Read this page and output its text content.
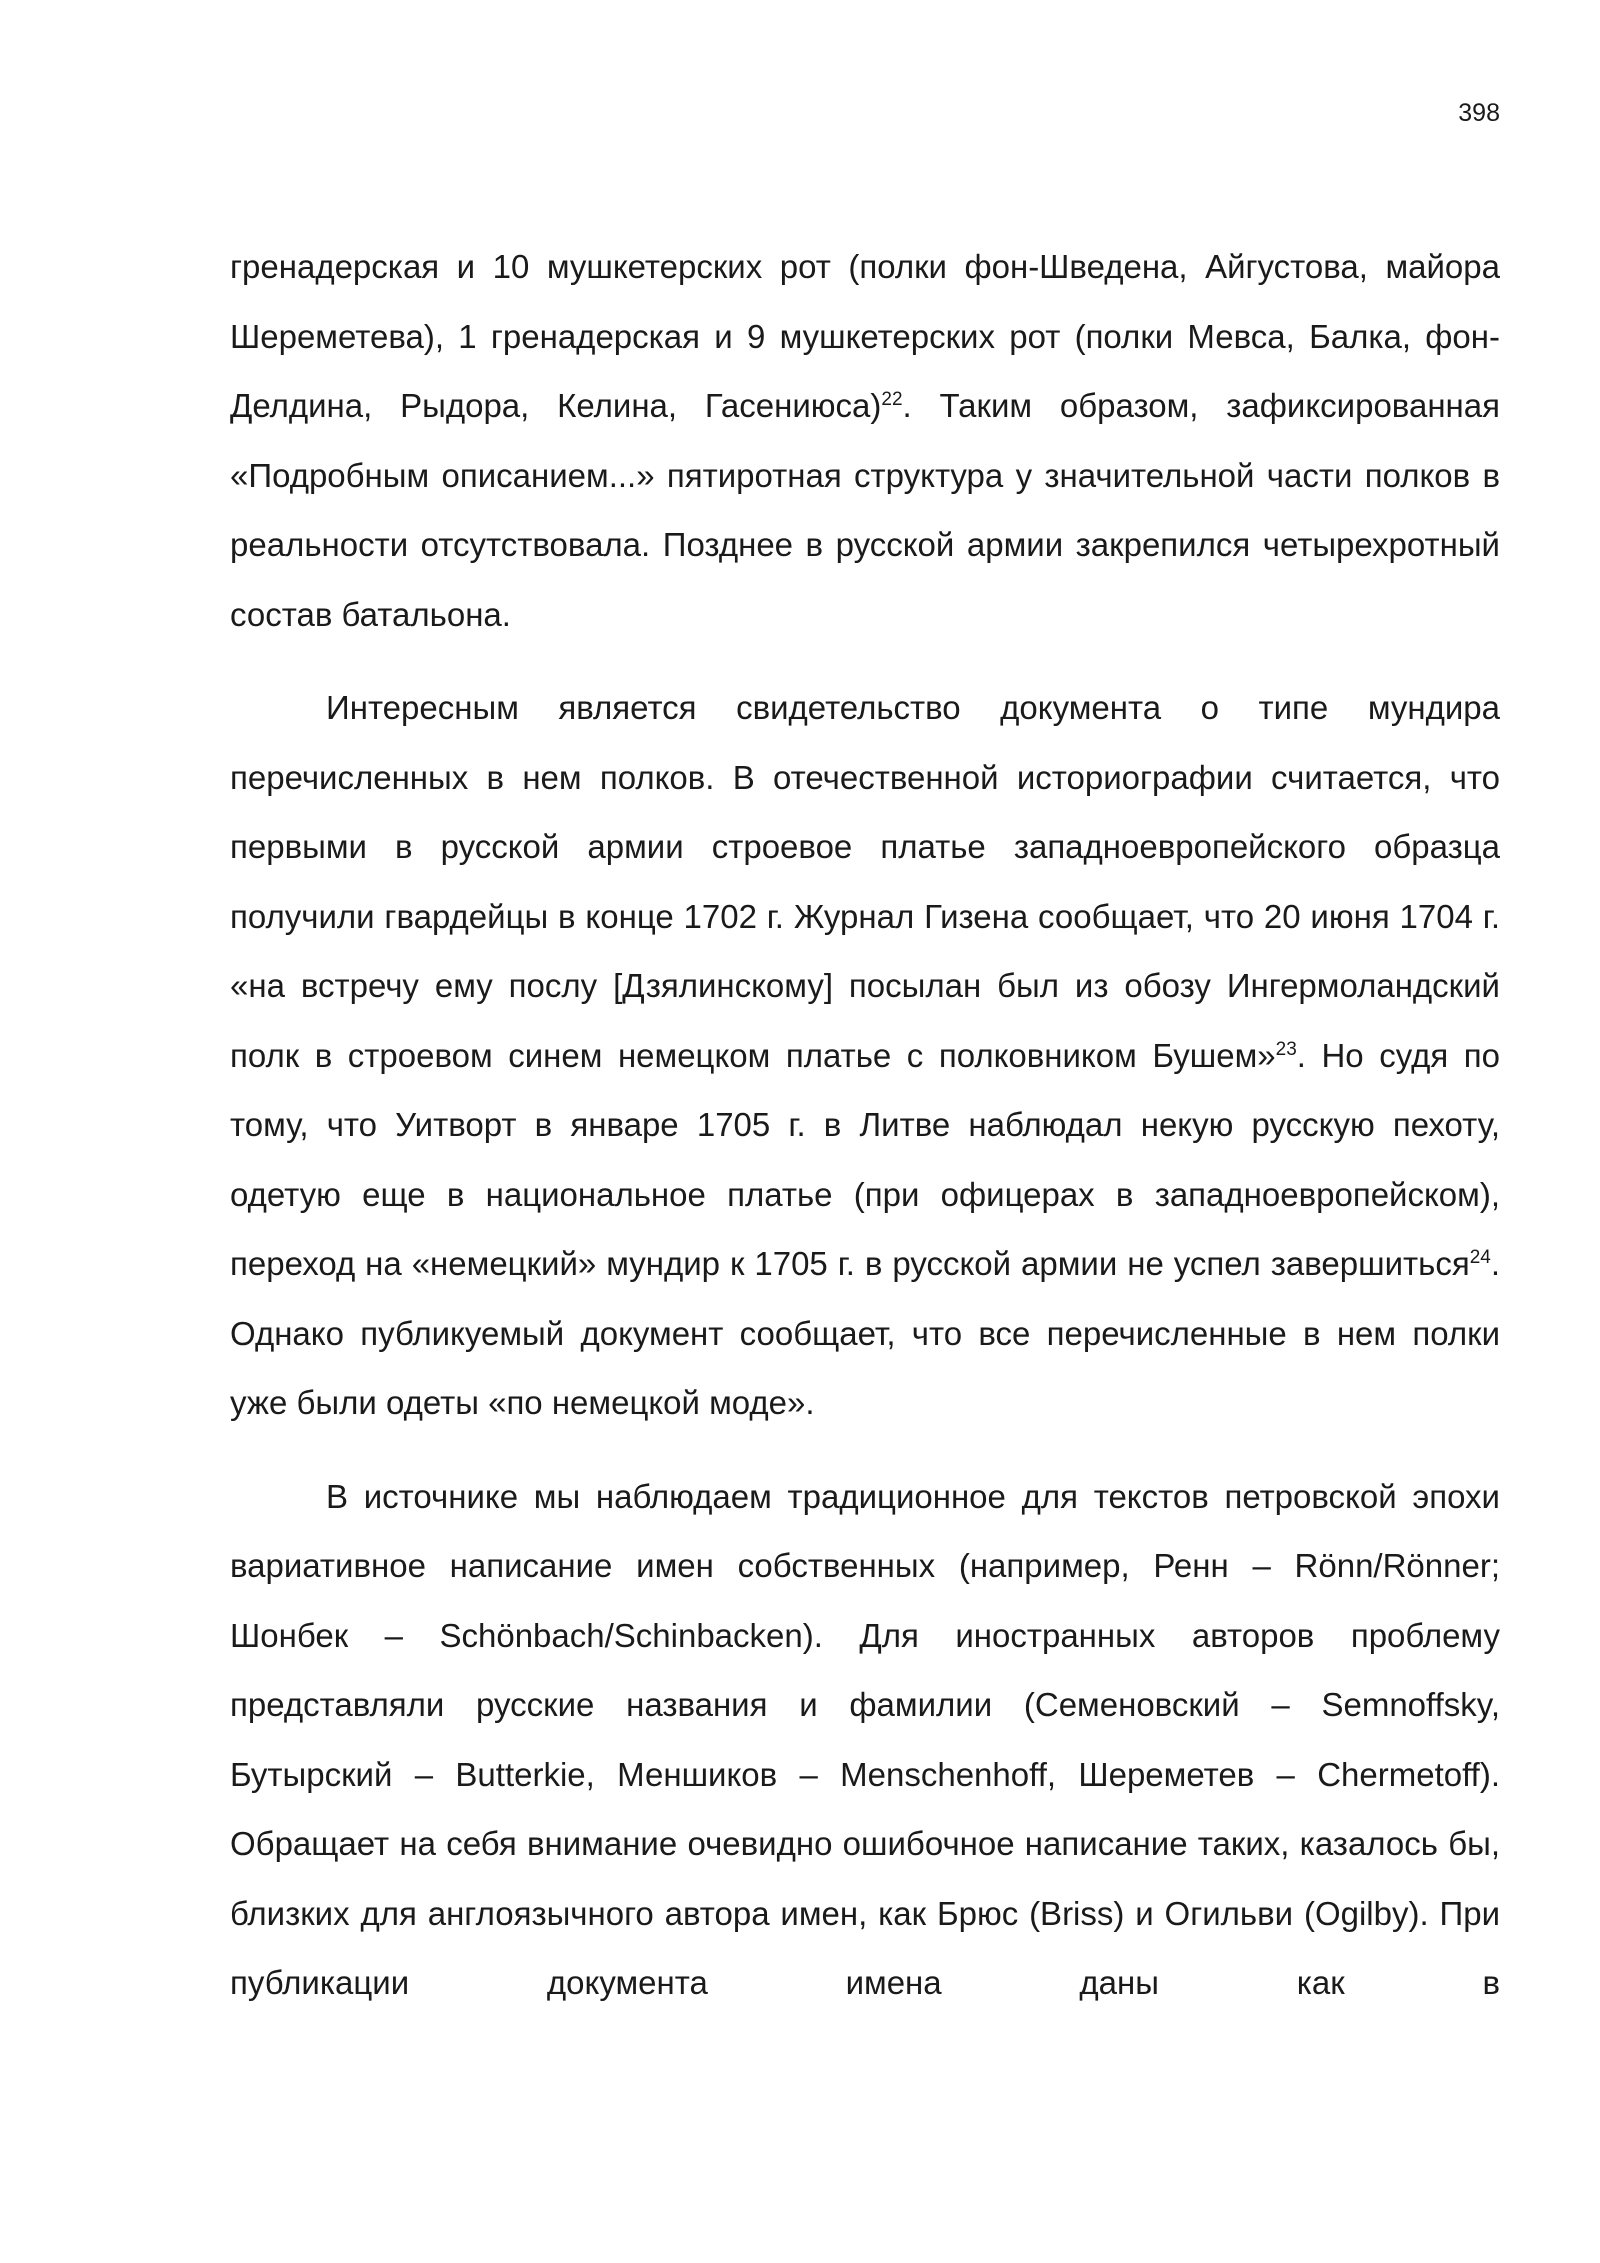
398

гренадерская и 10 мушкетерских рот (полки фон-Шведена, Айгустова, майора Шереметева), 1 гренадерская и 9 мушкетерских рот (полки Мевса, Балка, фон-Делдина, Рыдора, Келина, Гасениюса)$^{22}$. Таким образом, зафиксированная «Подробным описанием...» пятиротная структура у значительной части полков в реальности отсутствовала. Позднее в русской армии закрепился четырехротный состав батальона.

Интересным является свидетельство документа о типе мундира перечисленных в нем полков. В отечественной историографии считается, что первыми в русской армии строевое платье западноевропейского образца получили гвардейцы в конце 1702 г. Журнал Гизена сообщает, что 20 июня 1704 г. «на встречу ему послу [Дзялинскому] посылан был из обозу Ингермоландский полк в строевом синем немецком платье с полковником Бушем»$^{23}$. Но судя по тому, что Уитворт в январе 1705 г. в Литве наблюдал некую русскую пехоту, одетую еще в национальное платье (при офицерах в западноевропейском), переход на «немецкий» мундир к 1705 г. в русской армии не успел завершиться$^{24}$. Однако публикуемый документ сообщает, что все перечисленные в нем полки уже были одеты «по немецкой моде».

В источнике мы наблюдаем традиционное для текстов петровской эпохи вариативное написание имен собственных (например, Ренн – Rönn/Rönner; Шонбек – Schönbach/Schinbacken). Для иностранных авторов проблему представляли русские названия и фамилии (Семеновский – Semnoffsky, Бутырский – Butterkie, Меншиков – Menschenhoff, Шереметев – Chermetoff). Обращает на себя внимание очевидно ошибочное написание таких, казалось бы, близких для англоязычного автора имен, как Брюс (Briss) и Огильви (Ogilby). При публикации документа имена даны как в
